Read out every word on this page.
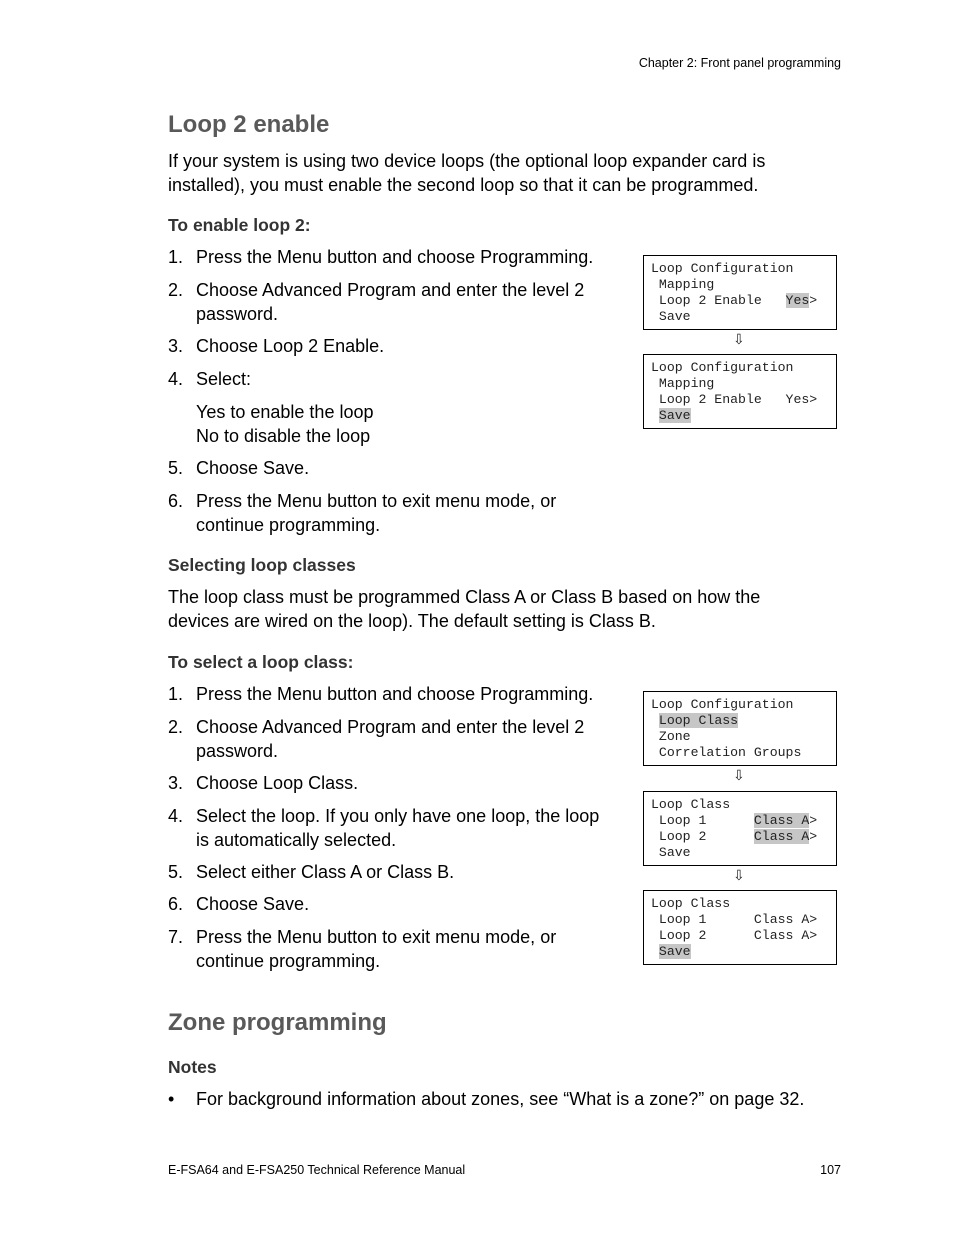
Chapter 2: Front panel programming
Loop 2 enable
If your system is using two device loops (the optional loop expander card is
installed), you must enable the second loop so that it can be programmed.
To enable loop 2:
1. Press the Menu button and choose Programming.
2. Choose Advanced Program and enter the level 2
password.
3. Choose Loop 2 Enable.
4. Select:
Yes to enable the loop
No to disable the loop
5. Choose Save.
6. Press the Menu button to exit menu mode, or
continue programming.
Loop Configuration
Mapping
Loop 2 Enable   Yes>
Save
⇩
Loop Configuration
Mapping
Loop 2 Enable   Yes>
Save
Selecting loop classes
The loop class must be programmed Class A or Class B based on how the
devices are wired on the loop). The default setting is Class B.
To select a loop class:
1. Press the Menu button and choose Programming.
2. Choose Advanced Program and enter the level 2
password.
3. Choose Loop Class.
4. Select the loop. If you only have one loop, the loop
is automatically selected.
5. Select either Class A or Class B.
6. Choose Save.
7. Press the Menu button to exit menu mode, or
continue programming.
Loop Configuration
Loop Class
Zone
Correlation Groups
⇩
Loop Class
Loop 1      Class A>
Loop 2      Class A>
Save
⇩
Loop Class
Loop 1      Class A>
Loop 2      Class A>
Save
Zone programming
Notes
• For background information about zones, see “What is a zone?” on page 32.
E-FSA64 and E-FSA250 Technical Reference Manual	107
